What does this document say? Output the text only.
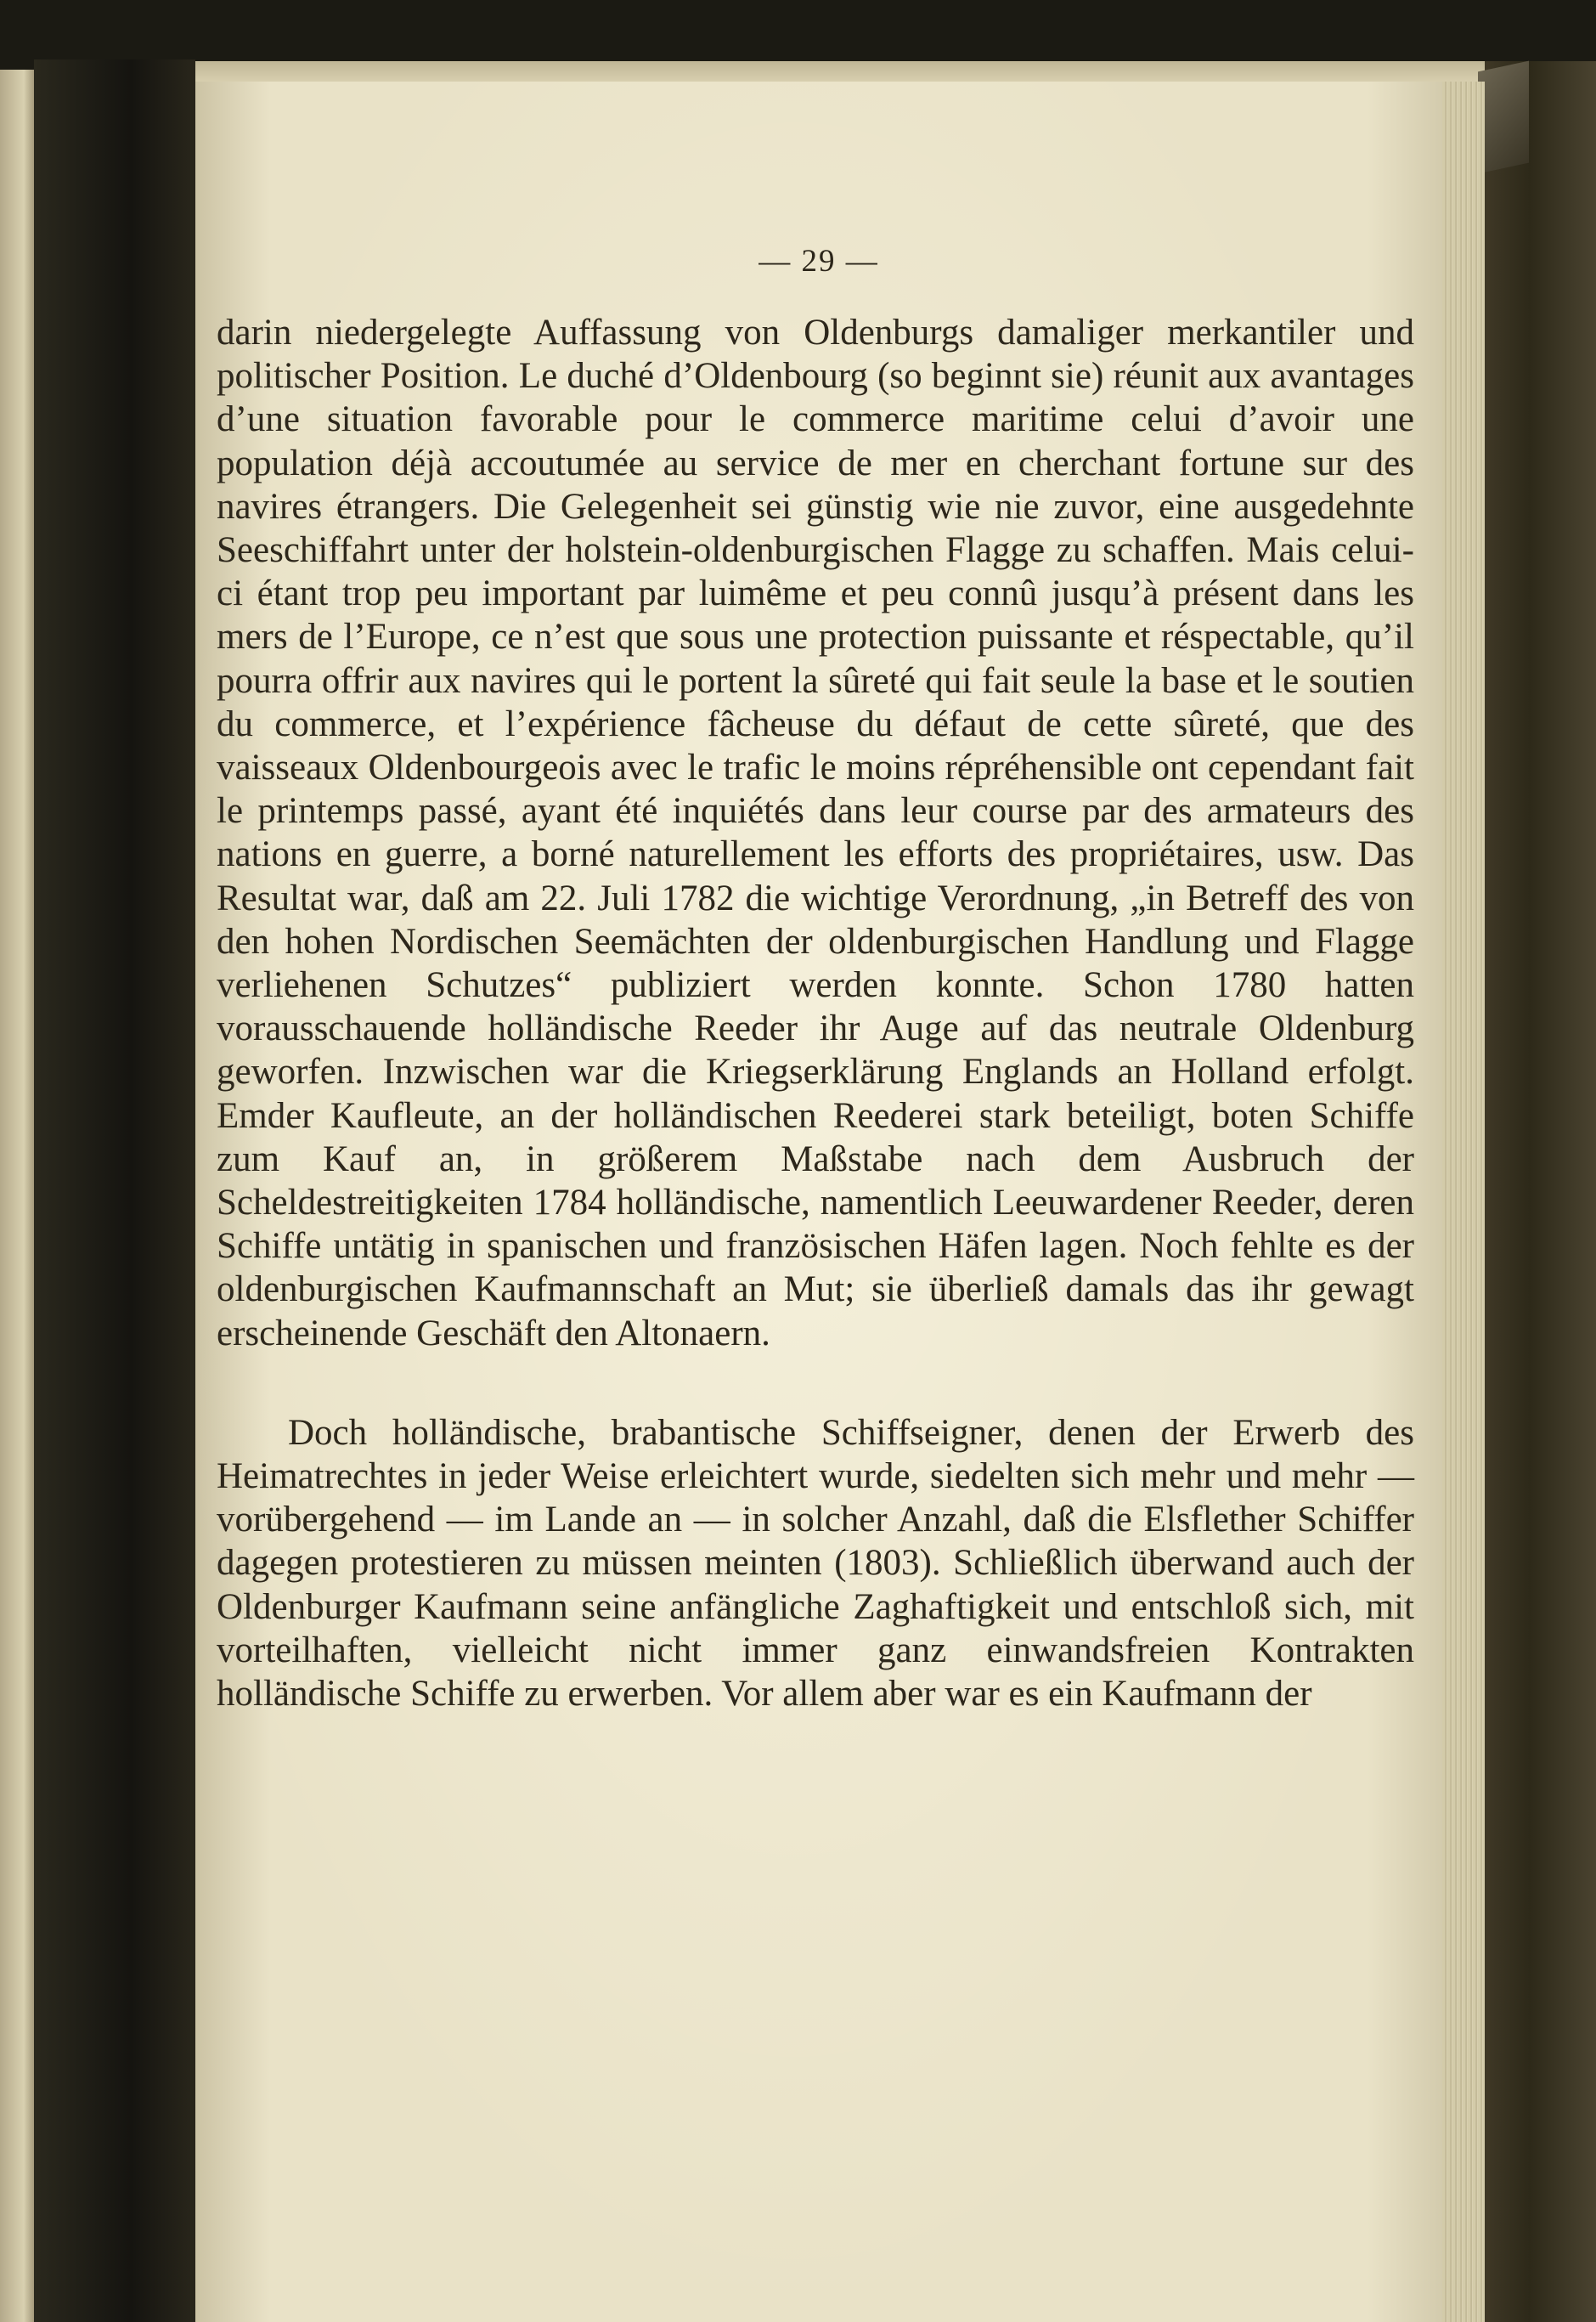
— 29 —

darin niedergelegte Auffassung von Oldenburgs damaliger merkantiler und politischer Position. Le duché d’Oldenbourg (so beginnt sie) réunit aux avantages d’une situation favorable pour le commerce maritime celui d’avoir une population déjà accoutumée au service de mer en cherchant fortune sur des navires étrangers. Die Gelegenheit sei günstig wie nie zuvor, eine ausgedehnte Seeschiffahrt unter der holstein-oldenburgischen Flagge zu schaffen. Mais celui-ci étant trop peu important par luimême et peu connû jusqu’à présent dans les mers de l’Europe, ce n’est que sous une protection puissante et réspectable, qu’il pourra offrir aux navires qui le portent la sûreté qui fait seule la base et le soutien du commerce, et l’expérience fâcheuse du défaut de cette sûreté, que des vaisseaux Oldenbourgeois avec le trafic le moins répréhensible ont cependant fait le printemps passé, ayant été inquiétés dans leur course par des armateurs des nations en guerre, a borné naturellement les efforts des propriétaires, usw. Das Resultat war, daß am 22. Juli 1782 die wichtige Verordnung, „in Betreff des von den hohen Nordischen Seemächten der oldenburgischen Handlung und Flagge verliehenen Schutzes“ publiziert werden konnte. Schon 1780 hatten vorausschauende holländische Reeder ihr Auge auf das neutrale Oldenburg geworfen. Inzwischen war die Kriegserklärung Englands an Holland erfolgt. Emder Kaufleute, an der holländischen Reederei stark beteiligt, boten Schiffe zum Kauf an, in größerem Maßstabe nach dem Ausbruch der Scheldestreitigkeiten 1784 holländische, namentlich Leeuwardener Reeder, deren Schiffe untätig in spanischen und französischen Häfen lagen. Noch fehlte es der oldenburgischen Kaufmannschaft an Mut; sie überließ damals das ihr gewagt erscheinende Geschäft den Altonaern.

Doch holländische, brabantische Schiffseigner, denen der Erwerb des Heimatrechtes in jeder Weise erleichtert wurde, siedelten sich mehr und mehr — vorübergehend — im Lande an — in solcher Anzahl, daß die Elsflether Schiffer dagegen protestieren zu müssen meinten (1803). Schließlich überwand auch der Oldenburger Kaufmann seine anfängliche Zaghaftigkeit und entschloß sich, mit vorteilhaften, vielleicht nicht immer ganz einwandsfreien Kontrakten holländische Schiffe zu erwerben. Vor allem aber war es ein Kaufmann der
